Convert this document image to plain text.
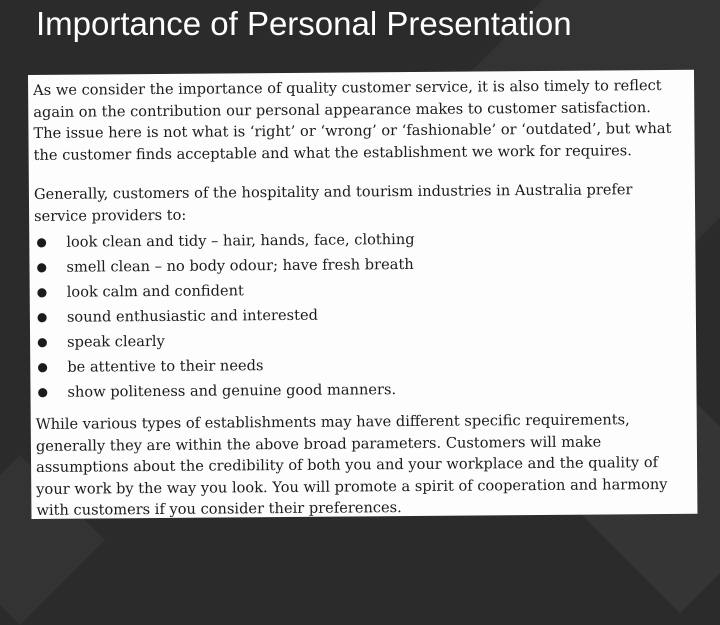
Importance of Personal Presentation

As we consider the importance of quality customer service, it is also timely to reflect again on the contribution our personal appearance makes to customer satisfaction. The issue here is not what is ‘right’ or ‘wrong’ or ‘fashionable’ or ‘outdated’, but what the customer finds acceptable and what the establishment we work for requires.

Generally, customers of the hospitality and tourism industries in Australia prefer service providers to:

● look clean and tidy – hair, hands, face, clothing
● smell clean – no body odour; have fresh breath
● look calm and confident
● sound enthusiastic and interested
● speak clearly
● be attentive to their needs
● show politeness and genuine good manners.

While various types of establishments may have different specific requirements, generally they are within the above broad parameters. Customers will make assumptions about the credibility of both you and your workplace and the quality of your work by the way you look. You will promote a spirit of cooperation and harmony with customers if you consider their preferences.
